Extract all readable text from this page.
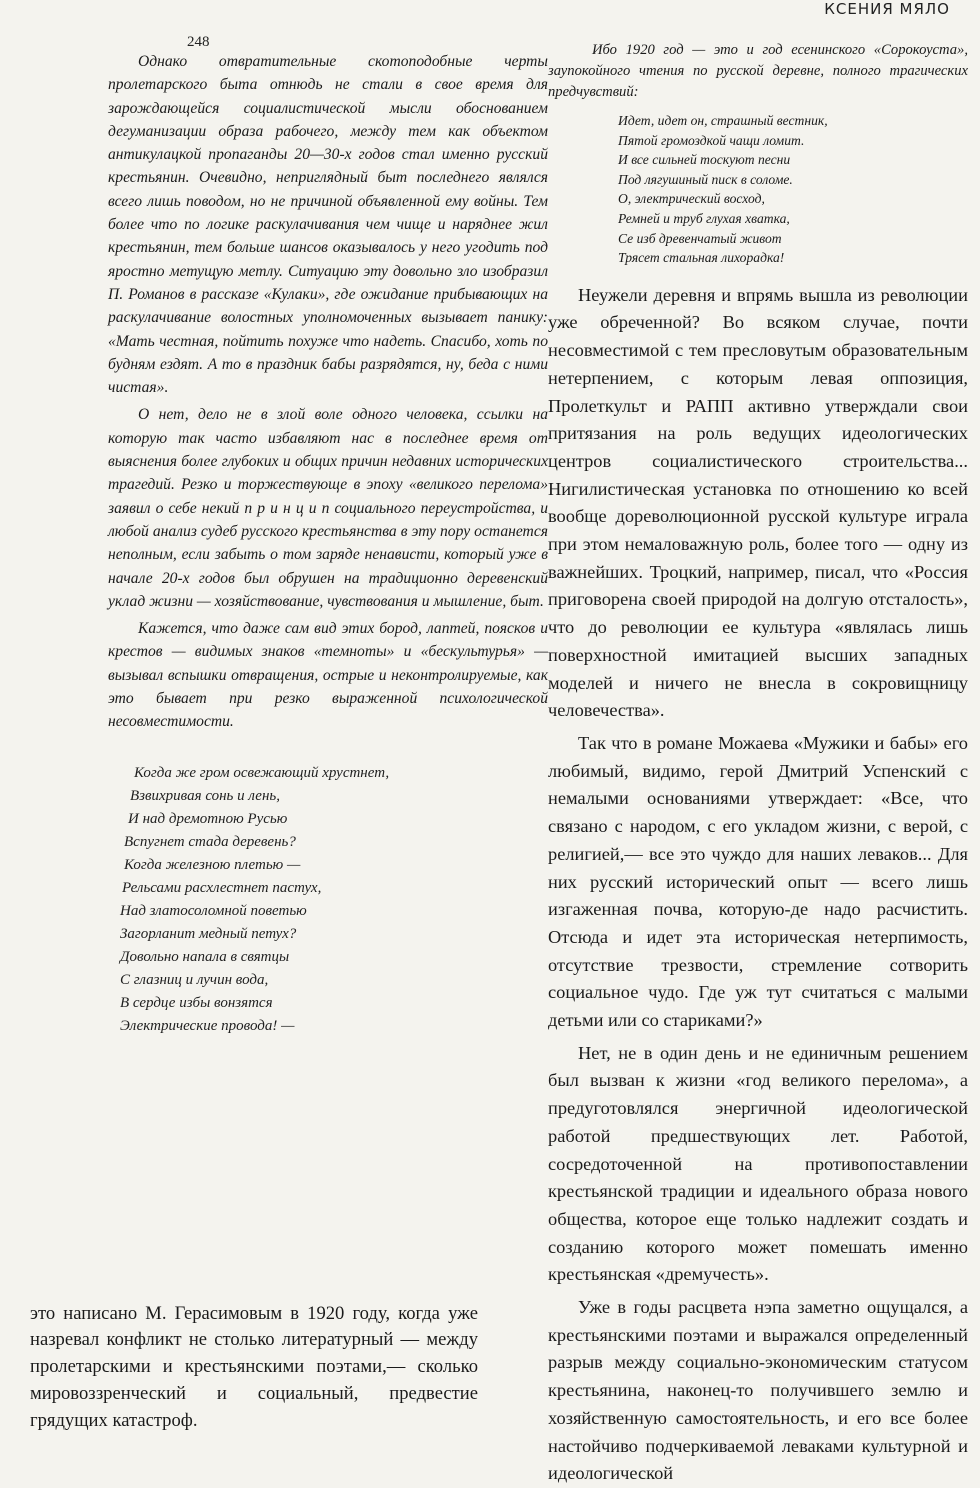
КСЕНИЯ МЯЛО
248

Однако отвратительные скотоподобные черты пролетарского быта отнюдь не стали в свое время для зарождающейся социалистической мысли обоснованием дегуманизации образа рабочего, между тем как объектом антикулацкой пропаганды 20—30-х годов стал именно русский крестьянин. Очевидно, неприглядный быт последнего являлся всего лишь поводом, но не причиной объявленной ему войны. Тем более что по логике раскулачивания чем чище и наряднее жил крестьянин, тем больше шансов оказывалось у него угодить под яростно метущую метлу. Ситуацию эту довольно зло изобразил П. Романов в рассказе «Кулаки», где ожидание прибывающих на раскулачивание волостных уполномоченных вызывает панику: «Мать честная, пойтить похуже что надеть. Спасибо, хоть по будням ездят. А то в праздник бабы разрядятся, ну, беда с ними чистая».

О нет, дело не в злой воле одного человека, ссылки на которую так часто избавляют нас в последнее время от выяснения более глубоких и общих причин недавних исторических трагедий. Резко и торжествующе в эпоху «великого перелома» заявил о себе некий п р и н ц и п социального переустройства, и любой анализ судеб русского крестьянства в эту пору останется неполным, если забыть о том заряде ненависти, который уже в начале 20-х годов был обрушен на традиционно деревенский уклад жизни — хозяйствование, чувствования и мышление, быт.

Кажется, что даже сам вид этих бород, лаптей, поясков и крестов — видимых знаков «темноты» и «бескультурья» — вызывал вспышки отвращения, острые и неконтролируемые, как это бывает при резко выраженной психологической несовместимости.

Когда же гром освежающий хрустнет,
Взвихривая сонь и лень,
И над дремотною Русью
Вспугнет стада деревень?
Когда железною плетью —
Рельсами расхлестнет пастух,
Над златосоломной поветью
Загорланит медный петух?
Довольно напала в святцы
С глазниц и лучин вода,
В сердце избы вонзятся
Электрические провода! —

это написано М. Герасимовым в 1920 году, когда уже назревал конфликт не столько литературный — между пролетарскими и крестьянскими поэтами,— сколько мировоззренческий и социальный, предвестие грядущих катастроф.

Ибо 1920 год — это и год есенинского «Сорокоуста», заупокойного чтения по русской деревне, полного трагических предчувствий:

Идет, идет он, страшный вестник,
Пятой громоздкой чащи ломит.
И все сильней тоскуют песни
Под лягушиный писк в соломе.
О, электрический восход,
Ремней и труб глухая хватка,
Се изб древенчатый живот
Трясет стальная лихорадка!

Неужели деревня и впрямь вышла из революции уже обреченной? Во всяком случае, почти несовместимой с тем пресловутым образовательным нетерпением, с которым левая оппозиция, Пролеткульт и РАПП активно утверждали свои притязания на роль ведущих идеологических центров социалистического строительства... Нигилистическая установка по отношению ко всей вообще дореволюционной русской культуре играла при этом немаловажную роль, более того — одну из важнейших. Троцкий, например, писал, что «Россия приговорена своей природой на долгую отсталость», что до революции ее культура «являлась лишь поверхностной имитацией высших западных моделей и ничего не внесла в сокровищницу человечества».

Так что в романе Можаева «Мужики и бабы» его любимый, видимо, герой Дмитрий Успенский с немалыми основаниями утверждает: «Все, что связано с народом, с его укладом жизни, с верой, с религией,— все это чуждо для наших леваков... Для них русский исторический опыт — всего лишь изгаженная почва, которую-де надо расчистить. Отсюда и идет эта историческая нетерпимость, отсутствие трезвости, стремление сотворить социальное чудо. Где уж тут считаться с малыми детьми или со стариками?»

Нет, не в один день и не единичным решением был вызван к жизни «год великого перелома», а предуготовлялся энергичной идеологической работой предшествующих лет. Работой, сосредоточенной на противопоставлении крестьянской традиции и идеального образа нового общества, которое еще только надлежит создать и созданию которого может помешать именно крестьянская «дремучесть».

Уже в годы расцвета нэпа заметно ощущался, а крестьянскими поэтами и выражался определенный разрыв между социально-экономическим статусом крестьянина, наконец-то получившего землю и хозяйственную самостоятельность, и его все более настойчиво подчеркиваемой леваками культурной и идеологической
